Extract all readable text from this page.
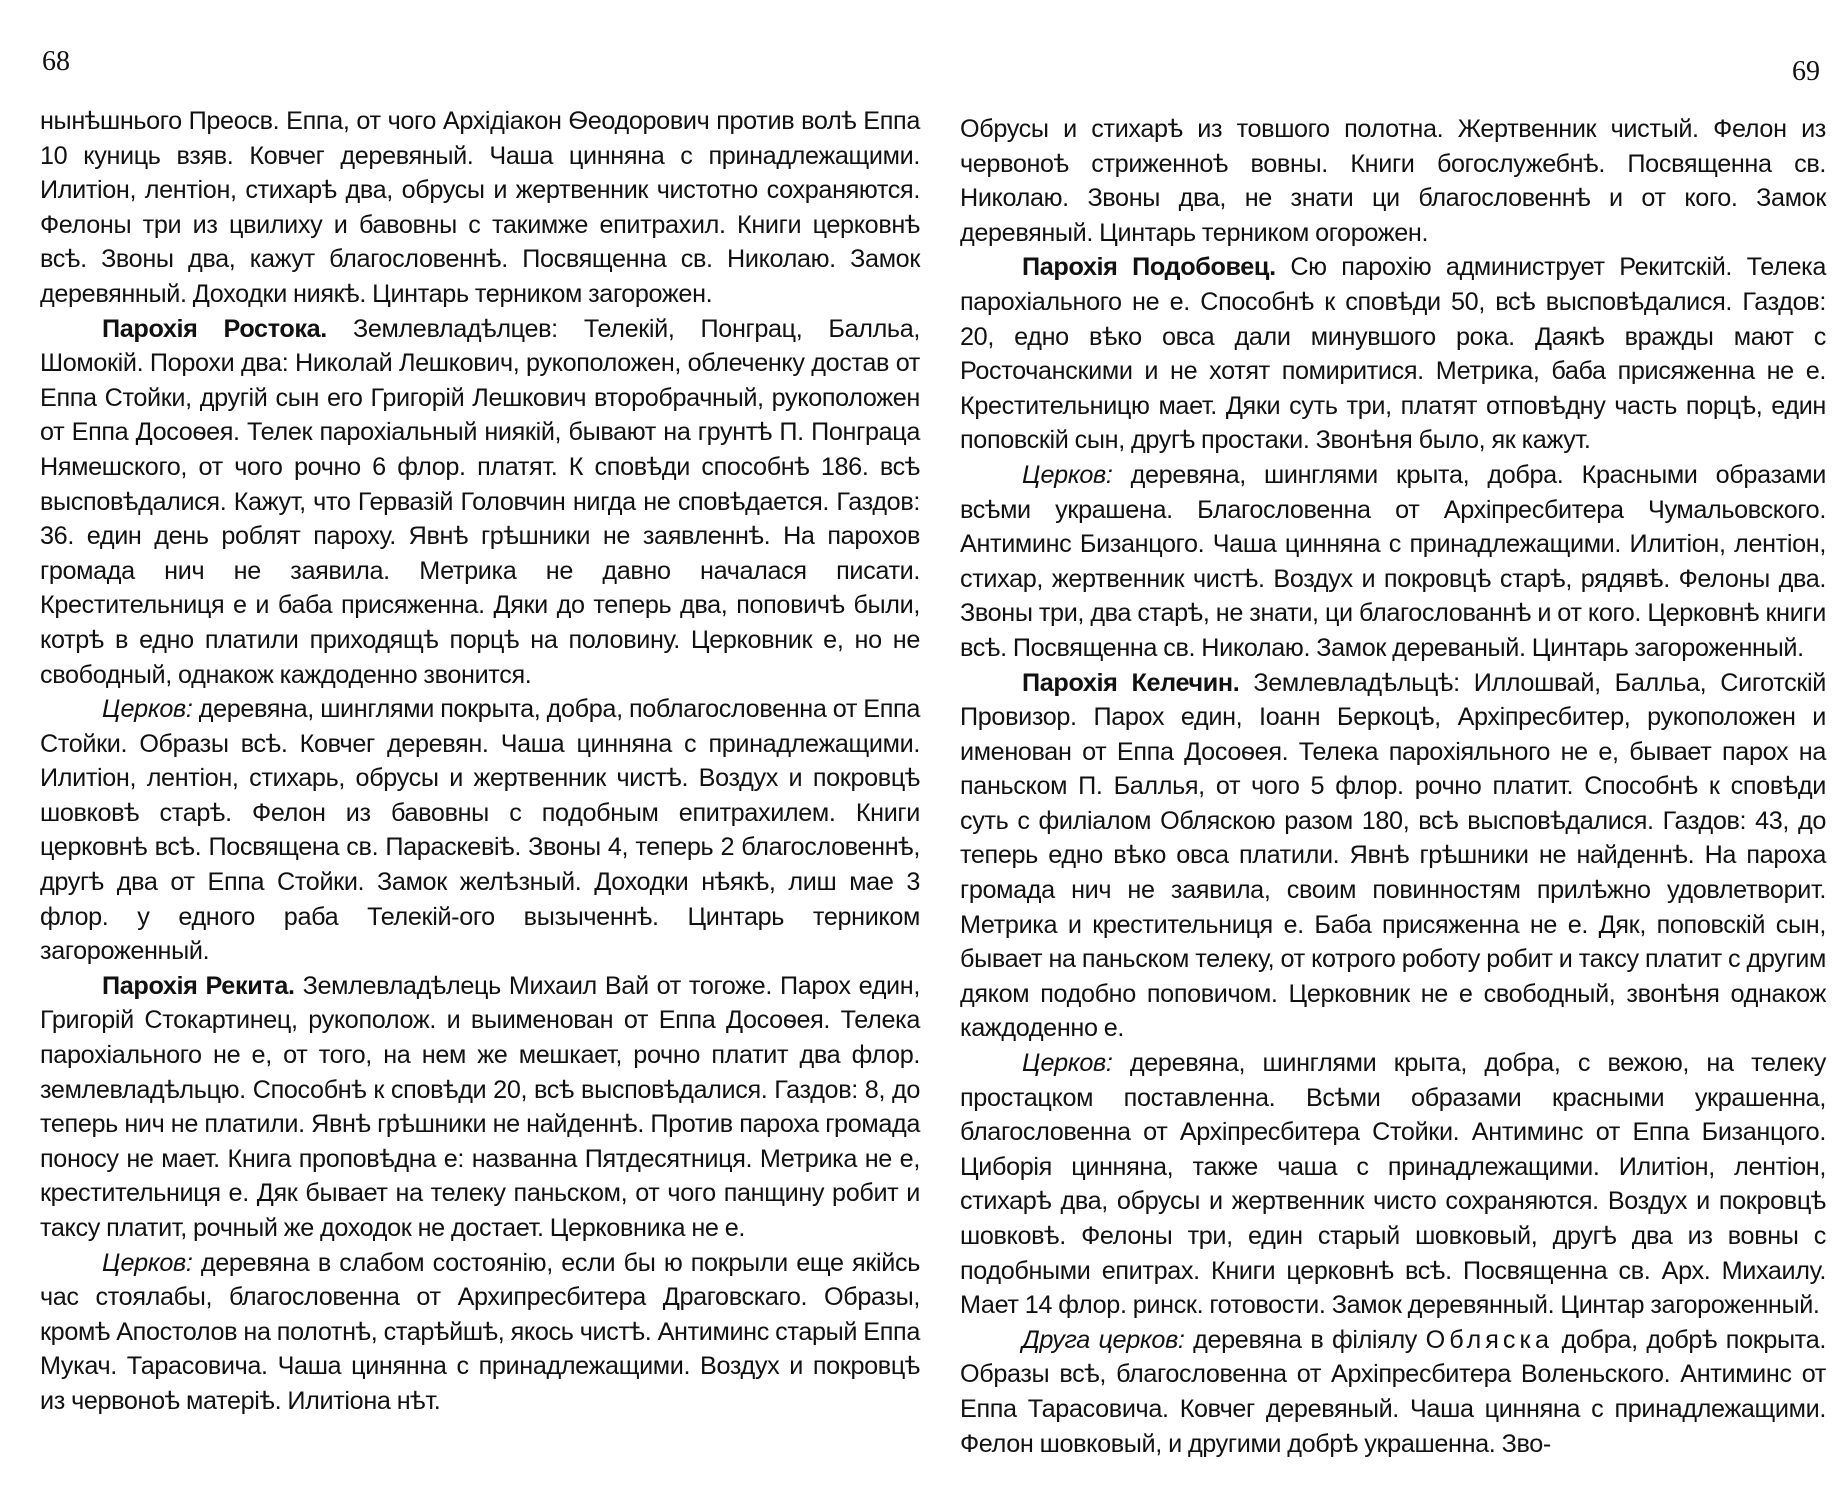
68

нынѣшнього Преосв. Еппа, от чого Архідіакон Ѳеодорович против волѣ Еппа 10 куниць взяв. Ковчег деревяный. Чаша цинняна с принадлежащими. Илитіон, лентіон, стихарѣ два, обрусы и жертвенник чистотно сохраняются. Фелоны три из цвилиху и бавовны с такимже епитрахил. Книги церковнѣ всѣ. Звоны два, кажут благословеннѣ. Посвященна св. Николаю. Замок деревянный. Доходки ниякѣ. Цинтарь терником загорожен.

Парохія Ростока. Землевладѣлцев: Телекій, Понграц, Балльа, Шомокій. Порохи два: Николай Лешкович, рукоположен, облеченку достав от Еппа Стойки, другій сын его Григорій Лешкович второбрачный, рукоположен от Еппа Досоѳея. Телек пароxіальный ниякій, бывают на грунтѣ П. Понграца Нямешского, от чого рочно 6 флор. платят. К сповѣди способнѣ 186. всѣ высповѣдалися. Кажут, что Гервазій Головчин нигда не сповѣдается. Газдов: 36. един день роблят пароху. Явнѣ грѣшники не заявленнѣ. На парохов громада нич не заявила. Метрика не давно началася писати. Крестительниця е и баба присяженна. Дяки до теперь два, поповичѣ были, котрѣ в едно платили приходящѣ порцѣ на половину. Церковник е, но не свободный, однакож каждоденно звонится.

Церков: деревяна, шинглями покрыта, добра, поблагословенна от Еппа Стойки. Образы всѣ. Ковчег деревян. Чаша цинняна с принадлежащими. Илитіон, лентіон, стихарь, обрусы и жертвенник чистѣ. Воздух и покровцѣ шовковѣ старѣ. Фелон из бавовны с подобным епитрахилем. Книги церковнѣ всѣ. Посвящена св. Параскевіѣ. Звоны 4, теперь 2 благословеннѣ, другѣ два от Еппа Стойки. Замок желѣзный. Доходки нѣякѣ, лиш мае 3 флор. у едного раба Телекій-ого вызыченнѣ. Цинтарь терником загороженный.

Парохія Рекита. Землевладѣлець Михаил Вай от тогоже. Парох един, Григорій Стокартинец, рукополож. и выименован от Еппа Досоѳея. Телека пароxіального не е, от того, на нем же мешкает, рочно платит два флор. землевладѣльцю. Способнѣ к сповѣди 20, всѣ высповѣдалися. Газдов: 8, до теперь нич не платили. Явнѣ грѣшники не найденнѣ. Против пароха громада поносу не мает. Книга проповѣдна е: названна Пятдесятниця. Метрика не е, крестительниця е. Дяк бывает на телеку паньском, от чого панщину робит и таксу платит, рочный же доходок не достает. Церковника не е.

Церков: деревяна в слабом состоянію, если бы ю покрыли еще якійсь час стоялабы, благословенна от Архипресбитера Драговскаго. Образы, кромѣ Апостолов на полотнѣ, старѣйшѣ, якось чистѣ. Антиминс старый Еппа Мукач. Тарасовича. Чаша цинянна с принадлежащими. Воздух и покровцѣ из червоноѣ матеріѣ. Илитіона нѣт.

69

Обрусы и стихарѣ из товшого полотна. Жертвенник чистый. Фелон из червоноѣ стриженноѣ вовны. Книги богослужебнѣ. Посвященна св. Николаю. Звоны два, не знати ци благословеннѣ и от кого. Замок деревяный. Цинтарь терником огорожен.

Парохія Подобовец. Сю парохію администрует Рекитскій. Телека пароxіального не е. Способнѣ к сповѣди 50, всѣ высповѣдалися. Газдов: 20, едно вѣко овса дали минувшого рока. Даякѣ вражды мают с Росточанскими и не хотят помиритися. Метрика, баба присяженна не е. Крестительницю мает. Дяки суть три, платят отповѣдну часть порцѣ, един поповскій сын, другѣ простаки. Звонѣня было, як кажут.

Церков: деревяна, шинглями крыта, добра. Красными образами всѣми украшена. Благословенна от Архіпресбитера Чумальовского. Антиминс Бизанцого. Чаша цинняна с принадлежащими. Илитіон, лентіон, стихар, жертвенник чистѣ. Воздух и покровцѣ старѣ, рядявѣ. Фелоны два. Звоны три, два старѣ, не знати, ци благослованнѣ и от кого. Церковнѣ книги всѣ. Посвященна св. Николаю. Замок дереваный. Цинтарь загороженный.

Парохія Келечин. Землевладѣльцѣ: Иллошвай, Балльа, Сиготскій Провизор. Парох един, Іоанн Беркоцѣ, Архіпресбитер, рукоположен и именован от Еппа Досоѳея. Телека пароxіяльного не е, бывает парох на паньском П. Баллья, от чого 5 флор. рочно платит. Способнѣ к сповѣди суть с филіалом Обляскою разом 180, всѣ высповѣдалися. Газдов: 43, до теперь едно вѣко овса платили. Явнѣ грѣшники не найденнѣ. На пароха громада нич не заявила, своим повинностям прилѣжно удовлетворит. Метрика и крестительниця е. Баба присяженна не е. Дяк, поповскій сын, бывает на паньском телеку, от котрого роботу робит и таксу платит с другим дяком подобно поповичом. Церковник не е свободный, звонѣня однакож каждоденно е.

Церков: деревяна, шинглями крыта, добра, с вежою, на телеку простацком поставленна. Всѣми образами красными украшенна, благословенна от Архіпресбитера Стойки. Антиминс от Еппа Бизанцого. Циборія цинняна, также чаша с принадлежащими. Илитіон, лентіон, стихарѣ два, обрусы и жертвенник чисто сохраняются. Воздух и покровцѣ шовковѣ. Фелоны три, един старый шовковый, другѣ два из вовны с подобными епитрах. Книги церковнѣ всѣ. Посвященна св. Арх. Михаилу. Мает 14 флор. ринск. готовости. Замок деревянный. Цинтар загороженный.

Друга церков: деревяна в філіялу Обляска добра, добрѣ покрыта. Образы всѣ, благословенна от Архіпресбитера Воленьского. Антиминс от Еппа Тарасовича. Ковчег деревяный. Чаша цинняна с принадлежащими. Фелон шовковый, и другими добрѣ украшенна. Зво-
